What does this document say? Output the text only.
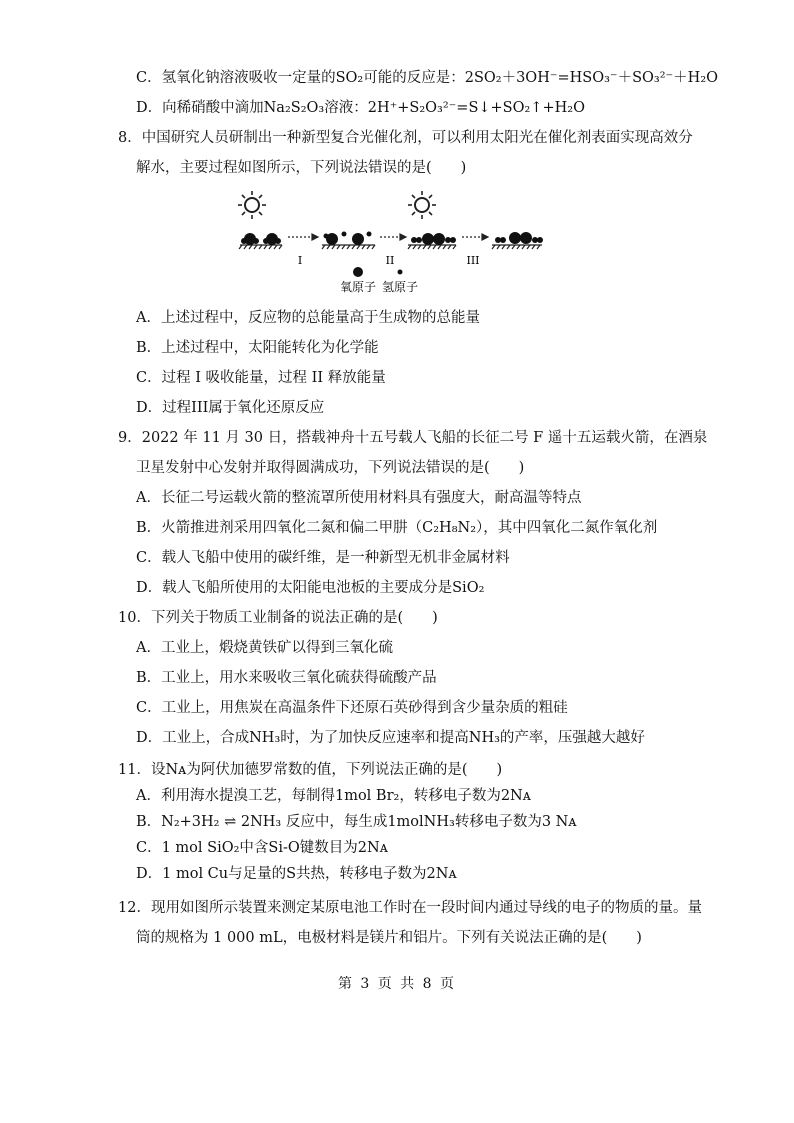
C．氢氧化钠溶液吸收一定量的SO₂可能的反应是：2SO₂＋3OH⁻=HSO₃⁻＋SO₃²⁻＋H₂O
D．向稀硝酸中滴加Na₂S₂O₃溶液：2H⁺+S₂O₃²⁻=S↓+SO₂↑+H₂O
8．中国研究人员研制出一种新型复合光催化剂，可以利用太阳光在催化剂表面实现高效分
解水，主要过程如图所示，下列说法错误的是(　　)
I	II	III
氧原子 氢原子
A．上述过程中，反应物的总能量高于生成物的总能量
B．上述过程中，太阳能转化为化学能
C．过程 I 吸收能量，过程 II 释放能量
D．过程III属于氧化还原反应
9．2022 年 11 月 30 日，搭载神舟十五号载人飞船的长征二号 F 遥十五运载火箭，在酒泉
卫星发射中心发射并取得圆满成功，下列说法错误的是(　　)
A．长征二号运载火箭的整流罩所使用材料具有强度大，耐高温等特点
B．火箭推进剂采用四氧化二氮和偏二甲肼（C₂H₈N₂），其中四氧化二氮作氧化剂
C．载人飞船中使用的碳纤维，是一种新型无机非金属材料
D．载人飞船所使用的太阳能电池板的主要成分是SiO₂
10．下列关于物质工业制备的说法正确的是(　　)
A．工业上，煅烧黄铁矿以得到三氧化硫
B．工业上，用水来吸收三氧化硫获得硫酸产品
C．工业上，用焦炭在高温条件下还原石英砂得到含少量杂质的粗硅
D．工业上，合成NH₃时，为了加快反应速率和提高NH₃的产率，压强越大越好
11．设Nᴀ为阿伏加德罗常数的值，下列说法正确的是(　　)
A．利用海水提溴工艺，每制得1mol Br₂，转移电子数为2Nᴀ
B．N₂+3H₂ ⇌ 2NH₃ 反应中，每生成1molNH₃转移电子数为3 Nᴀ
C．1 mol SiO₂中含Si-O键数目为2Nᴀ
D．1 mol Cu与足量的S共热，转移电子数为2Nᴀ
12．现用如图所示装置来测定某原电池工作时在一段时间内通过导线的电子的物质的量。量
筒的规格为 1 000 mL，电极材料是镁片和铝片。下列有关说法正确的是(　　)
第 3 页 共 8 页
